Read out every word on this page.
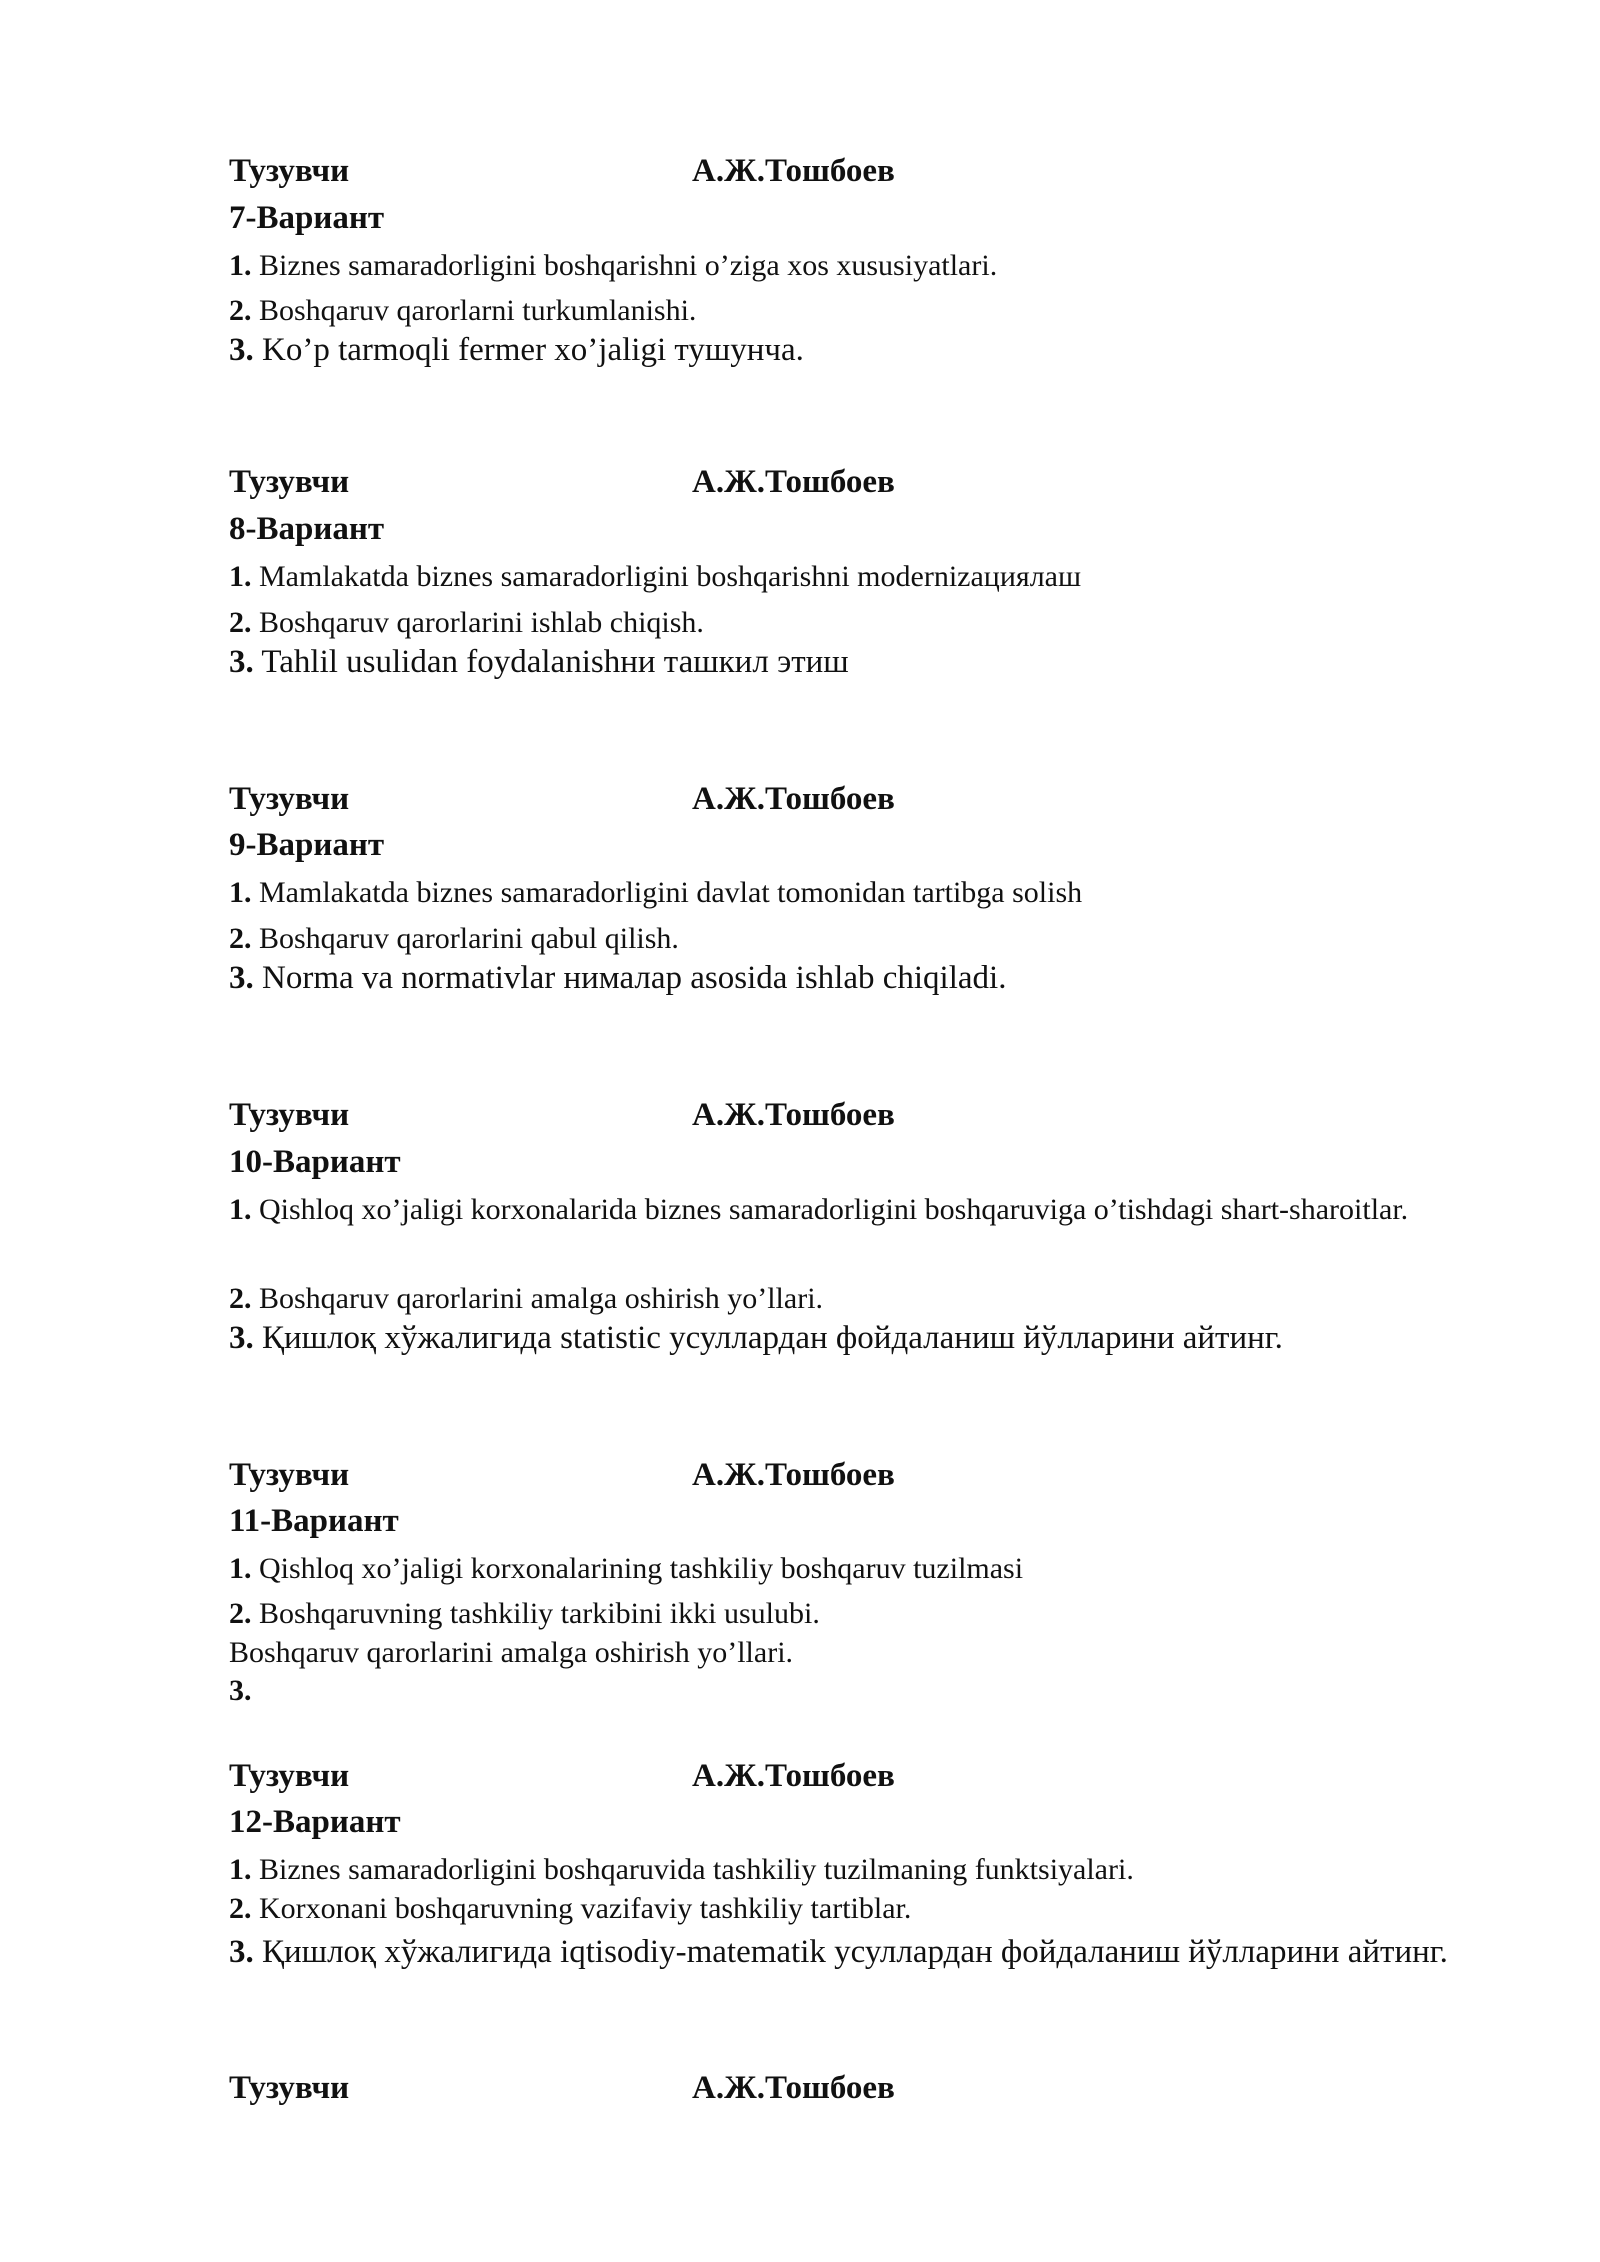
Тузувчи	А.Ж.Тошбоев
7-Вариант
1. Biznes samaradorligini boshqarishni o’ziga xos xususiyatlari.
2. Boshqaruv qarorlarni turkumlanishi.
3. Ko’p tarmoqli fermer xo’jaligi тушунча.
Тузувчи	А.Ж.Тошбоев
8-Вариант
1. Mamlakatda biznes samaradorligini boshqarishni modernizaциялаш
2. Boshqaruv qarorlarini ishlab chiqish.
3. Tahlil usulidan foydalanishни ташкил этиш
Тузувчи	А.Ж.Тошбоев
9-Вариант
1. Mamlakatda biznes samaradorligini davlat tomonidan tartibga solish
2. Boshqaruv qarorlarini qabul qilish.
3. Norma va normativlar нималар asosida ishlab chiqiladi.
Тузувчи	А.Ж.Тошбоев
10-Вариант
1. Qishloq xo’jaligi korxonalarida biznes samaradorligini boshqaruviga o’tishdagi shart-sharoitlar.
2. Boshqaruv qarorlarini amalga oshirish yo’llari.
3. Қишлоқ хўжалигида statistic усуллардан фойдаланиш йўлларини айтинг.
Тузувчи	А.Ж.Тошбоев
11-Вариант
1. Qishloq xo’jaligi korxonalarining tashkiliy boshqaruv tuzilmasi
2. Boshqaruvning tashkiliy tarkibini ikki usulubi.
Boshqaruv qarorlarini amalga oshirish yo’llari.
3.
Тузувчи	А.Ж.Тошбоев
12-Вариант
1. Biznes samaradorligini boshqaruvida tashkiliy tuzilmaning funktsiyalari.
2. Korxonani boshqaruvning vazifaviy tashkiliy tartiblar.
3. Қишлоқ хўжалигида iqtisodiy-matematik усуллардан фойдаланиш йўлларини айтинг.
Тузувчи	А.Ж.Тошбоев
